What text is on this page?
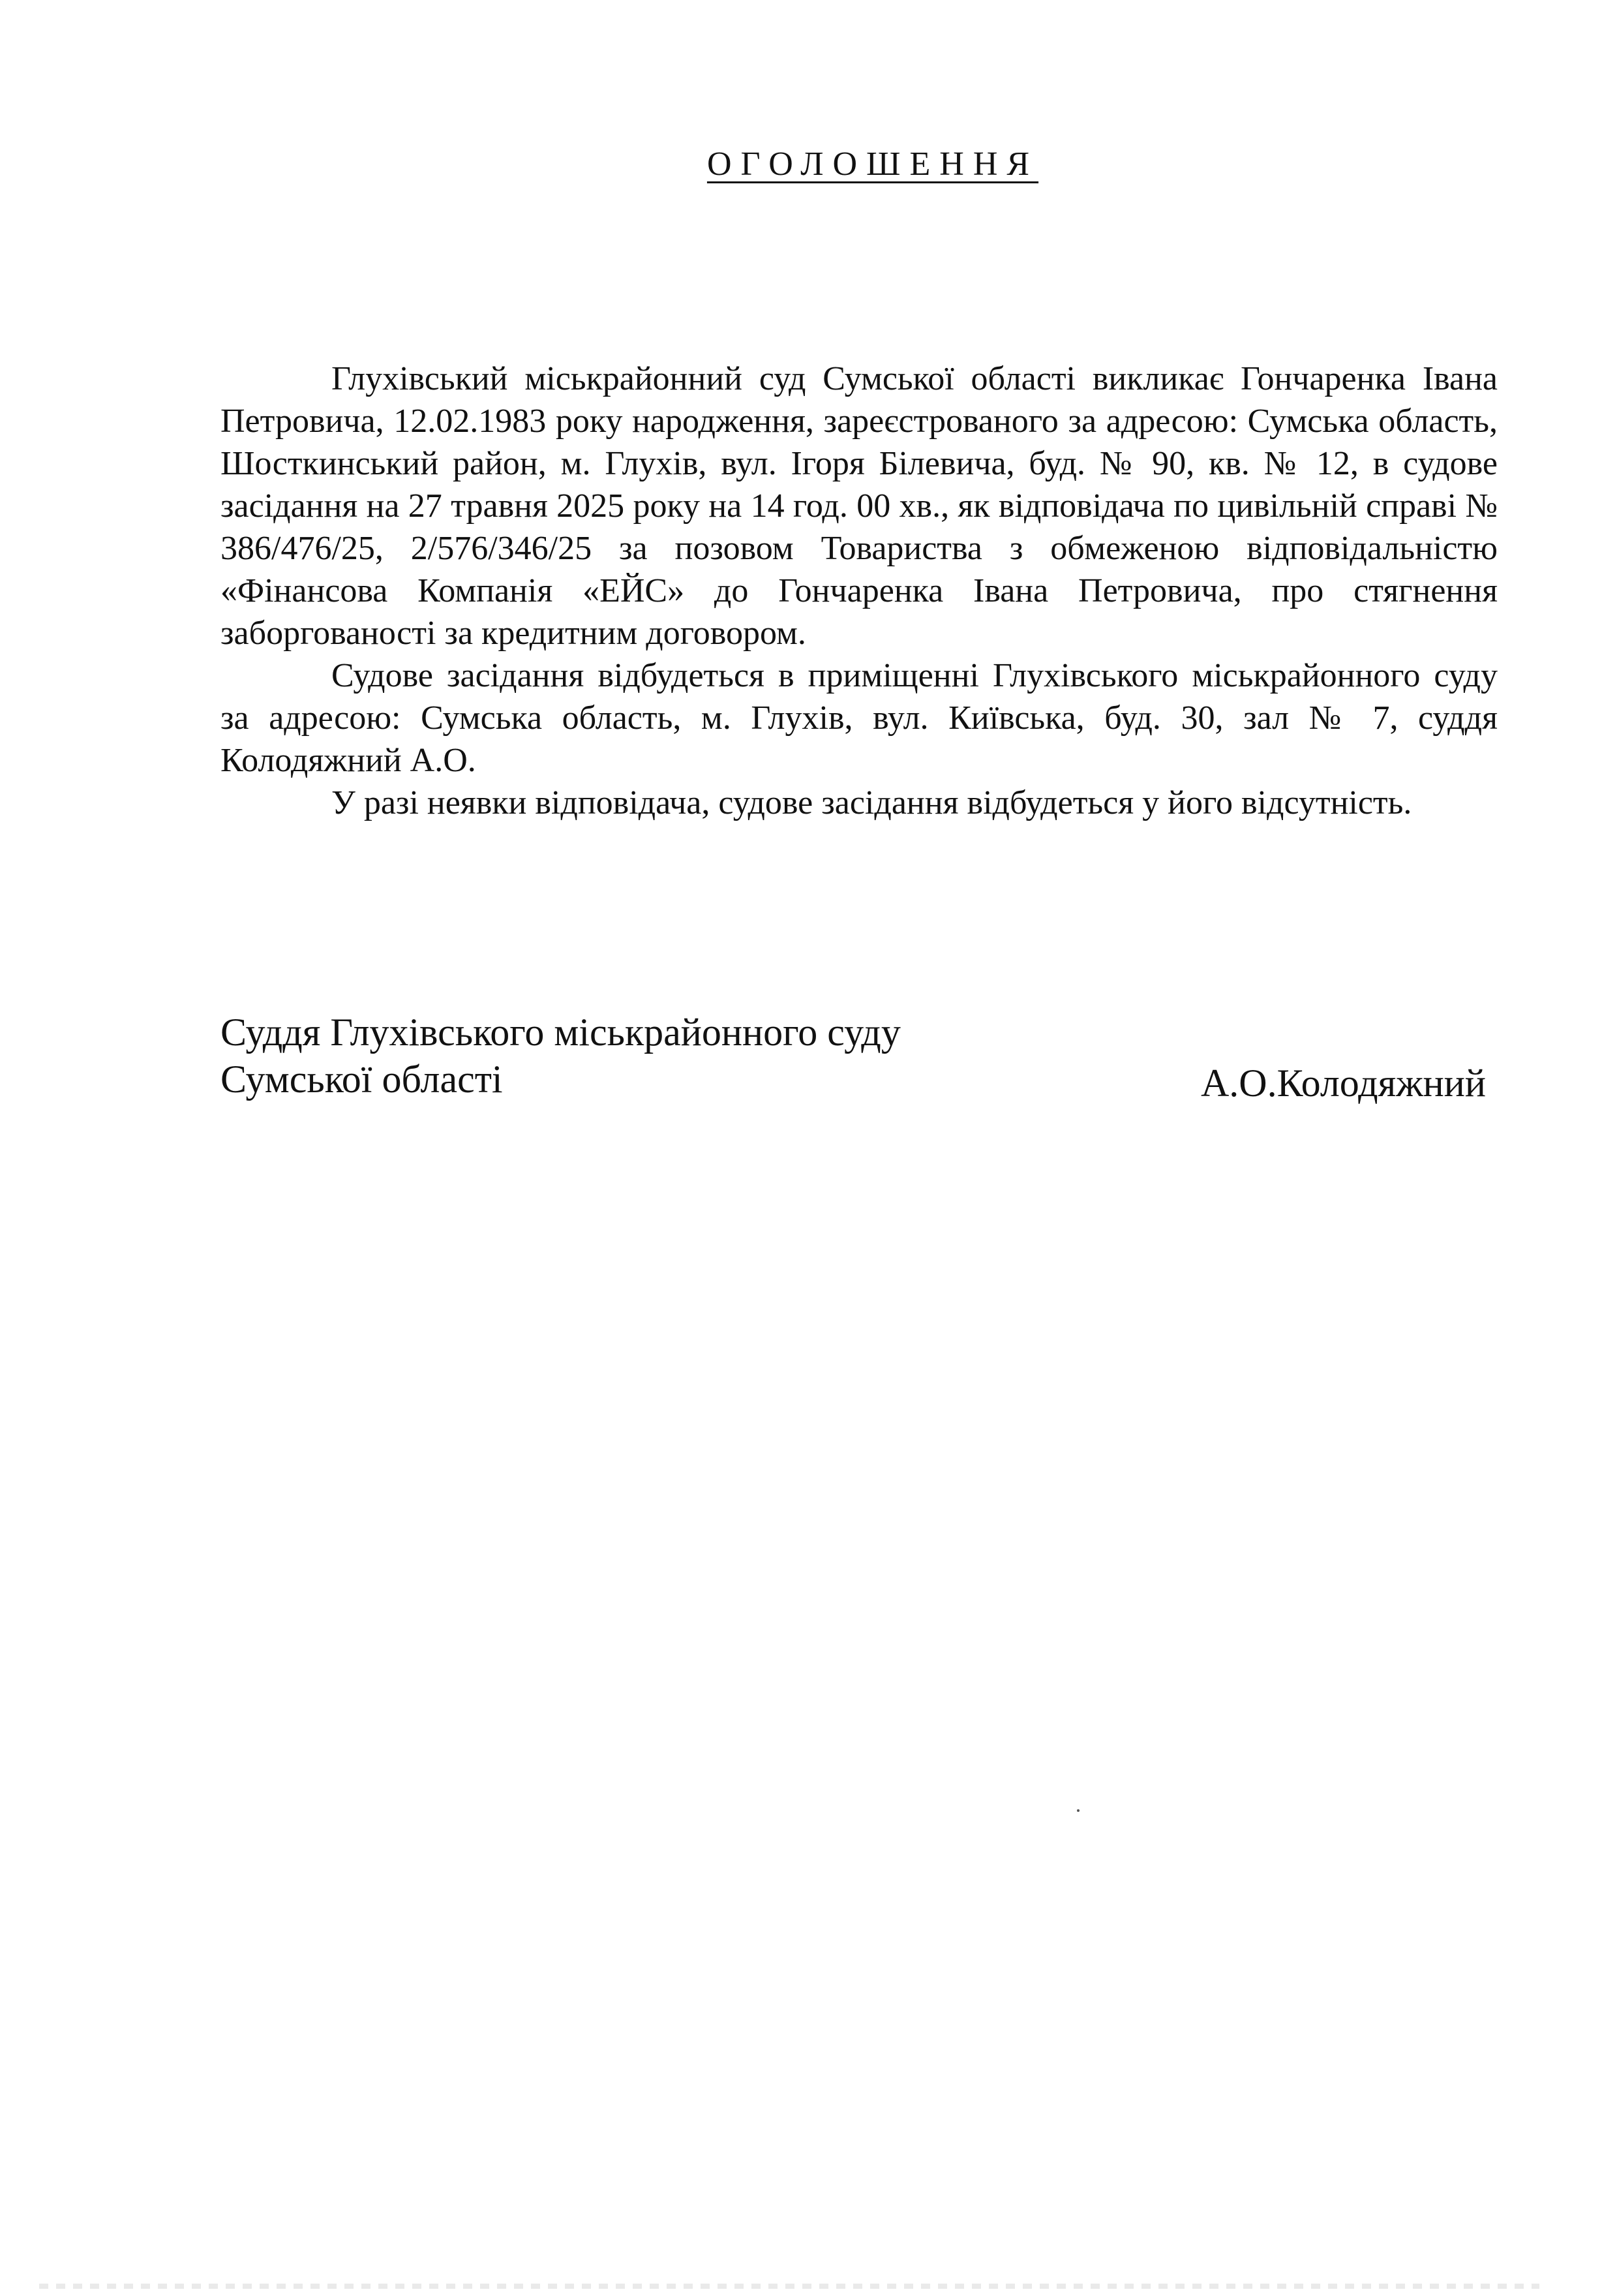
ОГОЛОШЕННЯ

Глухівський міськрайонний суд Сумської області викликає Гончаренка Івана Петровича, 12.02.1983 року народження, зареєстрованого за адресою: Сумська область, Шосткинський район, м. Глухів, вул. Ігоря Білевича, буд. № 90, кв. № 12, в судове засідання на 27 травня 2025 року на 14 год. 00 хв., як відповідача по цивільній справі № 386/476/25, 2/576/346/25 за позовом Товариства з обмеженою відповідальністю «Фінансова Компанія «ЕЙС» до Гончаренка Івана Петровича, про стягнення заборгованості за кредитним договором.

Судове засідання відбудеться в приміщенні Глухівського міськрайонного суду за адресою: Сумська область, м. Глухів, вул. Київська, буд. 30, зал № 7, суддя Колодяжний А.О.

У разі неявки відповідача, судове засідання відбудеться у його відсутність.

Суддя Глухівського міськрайонного суду
Сумської області	А.О.Колодяжний
